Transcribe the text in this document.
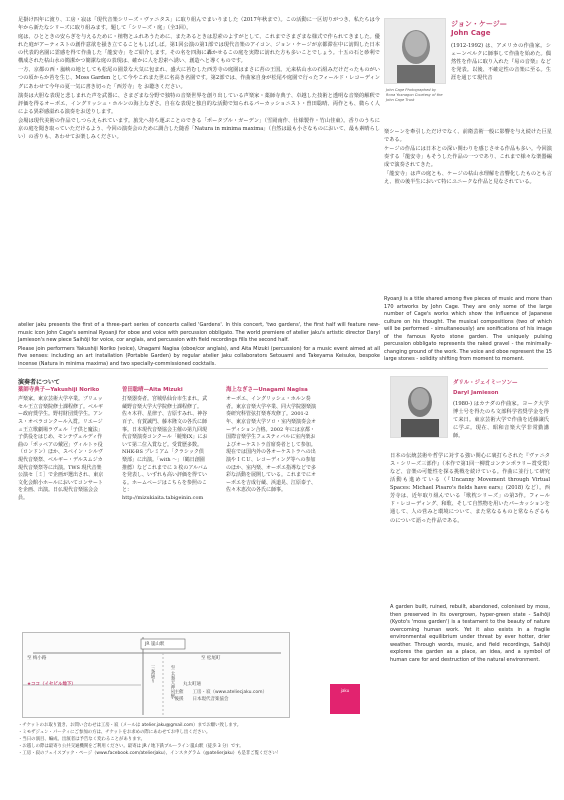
足掛け四年に渡り、工房・寂は「現代音楽シリーズ・ヴァニタス」に取り組んでまいりました（2017年秋まで）。この活動に一区切りがつき、私たちは今年から新たなシリーズに取り組みます。題して「シリーズ・庭」（全3回）。

庭は、ひとときの安らぎを与えるために・植物とふれあうために、またあるときは思索のよすがとして、これまでさまざまな様式で作られてきました。優れた庭がアーティストの創作意欲を掻き立てることもしばしば。第1回公演の第1部では現代音楽のアイコン、ジョン・ケージが京都滞在中に訪問した日本の代表的名園に霊感を得て作曲した「龍安寺」をご紹介します。その名を四海に轟かせるこの庭を実際に訪れた方も多いことでしょう。十五の石と砂利で構成された枯山水の簡潔かつ簡潔な庭の表現は、確かに人を思索へ誘い、創造へと導くものです。

一方、京都の西・嵐峡の地としても松尾の園景な大気に包まれ、盛大に苔むした西芳寺の庭園はまさに苔の王国。元来枯山水の石組みだけだったものがいつの頃からか苔を生じ、Moss Garden として今やこれまた世に名高き名園です。第2部では、作曲家自身が松尾や庭園で行ったフィールド・レコーディングにあわせて今年の夏一気に書き切った「西芳寺」を お聴きください。

演奏は大胆な表現と悲しまれた声を武器に、さまざまな分野で独特の音楽世界を創り出している声楽家・薬師寺典子、卓越した技術と透明な音楽的解釈で評価を得るオーボエ、イングリッシュ・ホルンの海上なぎさ。自在な表現と独自的な活動で知られるパーカッショニスト・曽田聡晴、両作とも、微らく人による異彩感溢れる演奏をお送りします。

会場は現代美術の作品でしつらえられています。旅先へ持ち運ぶことのできる「ポータブル・ガーデン」（雪岡南作、仕様製作・竹山佳東）。香りのうちに京の庭を聞き取っていただけるよう、今回の演奏会のために調合した随香「Natura in minima maxima」（自然は最も小さなものにおいて、最も素晴らしい）の香りも、あわせてお楽しみください。

atelier jaku presents the first of a three-part series of concerts called 'Gardens'. In this concert, 'two gardens', the first half will feature new-music icon John Cage's seminal Ryoanji for oboe and voice with percussion obbligato. The world premiere of atelier jaku's artistic director Daryl Jamieson's new piece Saihōji for voice, cor anglais, and percussion with field recordings fills the second half.

Please join performers Yakushiji Noriko (voice), Unagami Nagisa (oboe/cor anglais), and Aita Mizuki (percussion) for a music event aimed at all five senses: including an art installation (Portable Garden) by regular atelier jaku collaborators Setouami and Takeyama Keisuke, bespoke incense (Natura in minima maxima) and two specially-commissioned cocktails.

John Cage Photographed by Rona Yoxnagon Courtesy of the John Cage Trust
ジョン・ケージ—
John Cage

(1912-1992) は、アメリカの作曲家。シェーンベルクに師事して作曲を始めた。偶然性を作品に取り入れた『易の音楽』などを発表。以後、不確定性の音楽に至る。生涯を通じて現代音

楽シーンを牽引しただけでなく、前衛芸術一般に影響を与え続けた巨星である。

ケージの作品には日本との深い関わりを感じさせる作品も多い。今回演奏する「龍安寺」もそうした作品の一つであり、これまで様々な楽器編成で演奏されてきた。

「龍安寺」は声の庭とも、ケージの枯山水理解を音響化したものとも言え、彼の後半生において特にユニークな作品と見なされている。

Ryoanji is a title shared among five pieces of music and more than 170 artworks by John Cage. They are only some of the large number of Cage's works which show the influence of Japanese culture on his thought. The musical compositions (two of which will be performed - simultaneously) are sonifications of his image of the famous Kyoto stone garden. The uniquely pulsing percussion obbligato represents the raked gravel - the minimally-changing ground of the work. The voice and oboe represent the 15 large stones - solidity shifting from moment to moment.

演奏者について
薬師寺典子—Yakushiji Noriko
声楽家。東京芸術大学卒業。ブリュッセル王立音楽院修士課程修了。ベルギー政府奨学生。野村財団奨学生。アンス・オペラコンクール入賞。リエージュ王立歌劇場ラヴェル「子供と魔法」子供役をはじめ、モンテヴェルディ作曲の「ポッペアの戴冠」ヴィルトゥ役（ロンドン）ほか、スペイン・シルヴ現代音楽祭、ベルギー・デルスムジカ現代音楽祭等に出演。TWS 現代音楽公演セ［ミ］で企画が選出され、東京文化会館小ホールにおいてコンサートを企画、出演。日仏現代音楽協会会員。
曽田聡晴—Aita Mizuki
打楽器奏者。宮城県仙台市生まれ。武蔵野音楽大学大学院修士課程修了。佐々木祥、星律子、吉原すみれ、神谷百子、有賀誠門、藤本隆文の各氏に師事。日本現代音楽協会主催の第九回現代音楽演奏コンクール「競楽IX」において第二位入賞など。受賞歴多数。NHK-BS プレミアム「クラシック倶楽部」に出演。「with ～」（鶴日創園推薦）などこれまでに 3 枚のアルバムを発表し、いずれも高い評価を得ている。ホームページはこちらを参照のこと：http://mizukiaita.tabigeinin.com
海上なぎさ—Unagami Nagisa
オーボエ、イングリッシュ・ホルン奏者。東京音楽大学卒業、同大学院器楽演奏研究科管弦打楽専攻修了。2001-2 年、東京音楽大学ソロ・室内楽演奏会オーディション合格。2002 年には京都・国際音楽学生フェスティバルに室内楽およびオーケストラ首席奏者として参加。現在では国内外の各オーケストラへの出演やＩＣＵ、レコーディング等への参加のほか、室内楽、オーボエ指導などで多彩な活動を展開している。これまでにオーボエを吉成行蔵、浜道晃、江原泰子、佐々木恵次の各氏に師事。
ダリル・ジェイミーソン—
Daryl Jamieson

(1980-) はカナダの作曲家。ヨーク大学博士号を得たのち文部科学省奨学金を得て来日。東京芸術大学で作曲を近藤譲氏に学ぶ。現在、昭和音楽大学非常勤講師。

日本の伝統芸術や哲学に対する強い関心に裏打ちされた『ヴァニタス・シリーズ三部作』（本作で第1回一柳賞コンテンポラリー賞受賞）など、音楽の可能性を探る挑戦を続けている。作曲に並行して研究活動も進めている（『Uncanny Movement through Virtual Spaces: Michael Pisaro's fields have ears』(2018) など）。西芳寺は、近年取り組んでいる「歌枕シリーズ」の第3作。フィールド・レコーディング、和歌、そして自然物を用いたパーカッションを通して、人の営みと環境について、また常なるものと常ならざるものについて語った作品である。

A garden built, ruined, rebuilt, abandoned, colonised by moss, then preserved in its overgrown, hyper-green state - Saihōji (Kyoto's 'moss garden') is a testament to the beauty of nature overcoming human work. Yet it also exists in a fragile environmental equilibrium under threat by ever hotter, drier weather. Through words, music, and field recordings, Saihōji explores the garden as a place, an idea, and a symbol of human care for and destruction of the natural environment.

JR 嵐山駅
至 梅小路	至 松尾町
至 太秦天神川駅
★ココ（イセビル地下）
三条通り
丸太町通
・主催　　工房・寂（www.ateliecjaku.com）
・後援　　日本現代音楽協会
jaku
・チケットのお取り置き、お問い合わせは工房・寂（メールは atelier.jaku@gmail.com）までお願い致します。
・ミモザジュン・パーティにご参加の方は、チケットをお求めの際にあわせてお申し出ください。
・当日の演目、編成、出演者は予告なく変わることがあります。
・お越しの際は最寄り公共交通機関をご利用ください。最寄は JR / 地下鉄ブルーライン嵐山駅（徒歩 3 分）です。
・工房・寂のフェイスブック・ページ（www.facebook.com/atelierjaku）、インスタグラム（@atelierjaku）も是非ご覧ください！
